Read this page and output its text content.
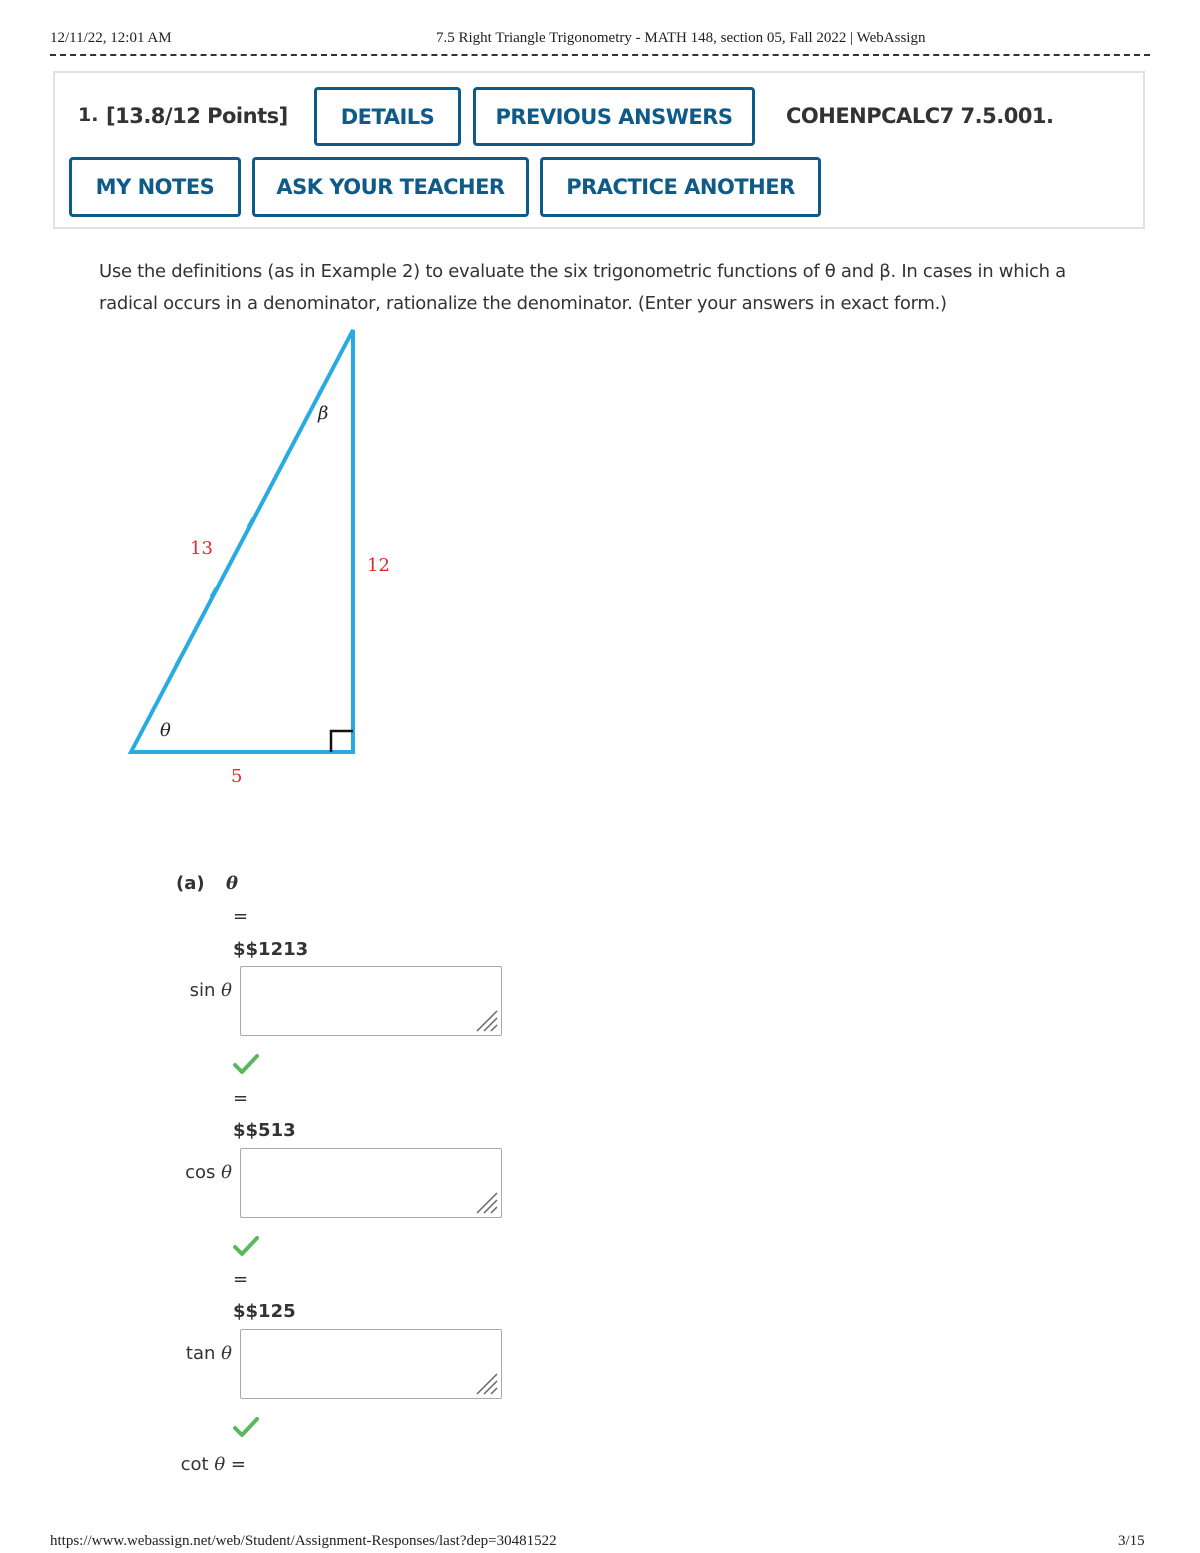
12/11/22, 12:01 AM	7.5 Right Triangle Trigonometry - MATH 148, section 05, Fall 2022 | WebAssign
1. [13.8/12 Points]	DETAILS	PREVIOUS ANSWERS	COHENPCALC7 7.5.001.
MY NOTES	ASK YOUR TEACHER	PRACTICE ANOTHER
Use the definitions (as in Example 2) to evaluate the six trigonometric functions of θ and β. In cases in which a
radical occurs in a denominator, rationalize the denominator. (Enter your answers in exact form.)
β
13
12
θ
5
(a) θ
=
$$1213
sin θ
=
$$513
cos θ
=
$$125
tan θ
cot θ =
https://www.webassign.net/web/Student/Assignment-Responses/last?dep=30481522	3/15
